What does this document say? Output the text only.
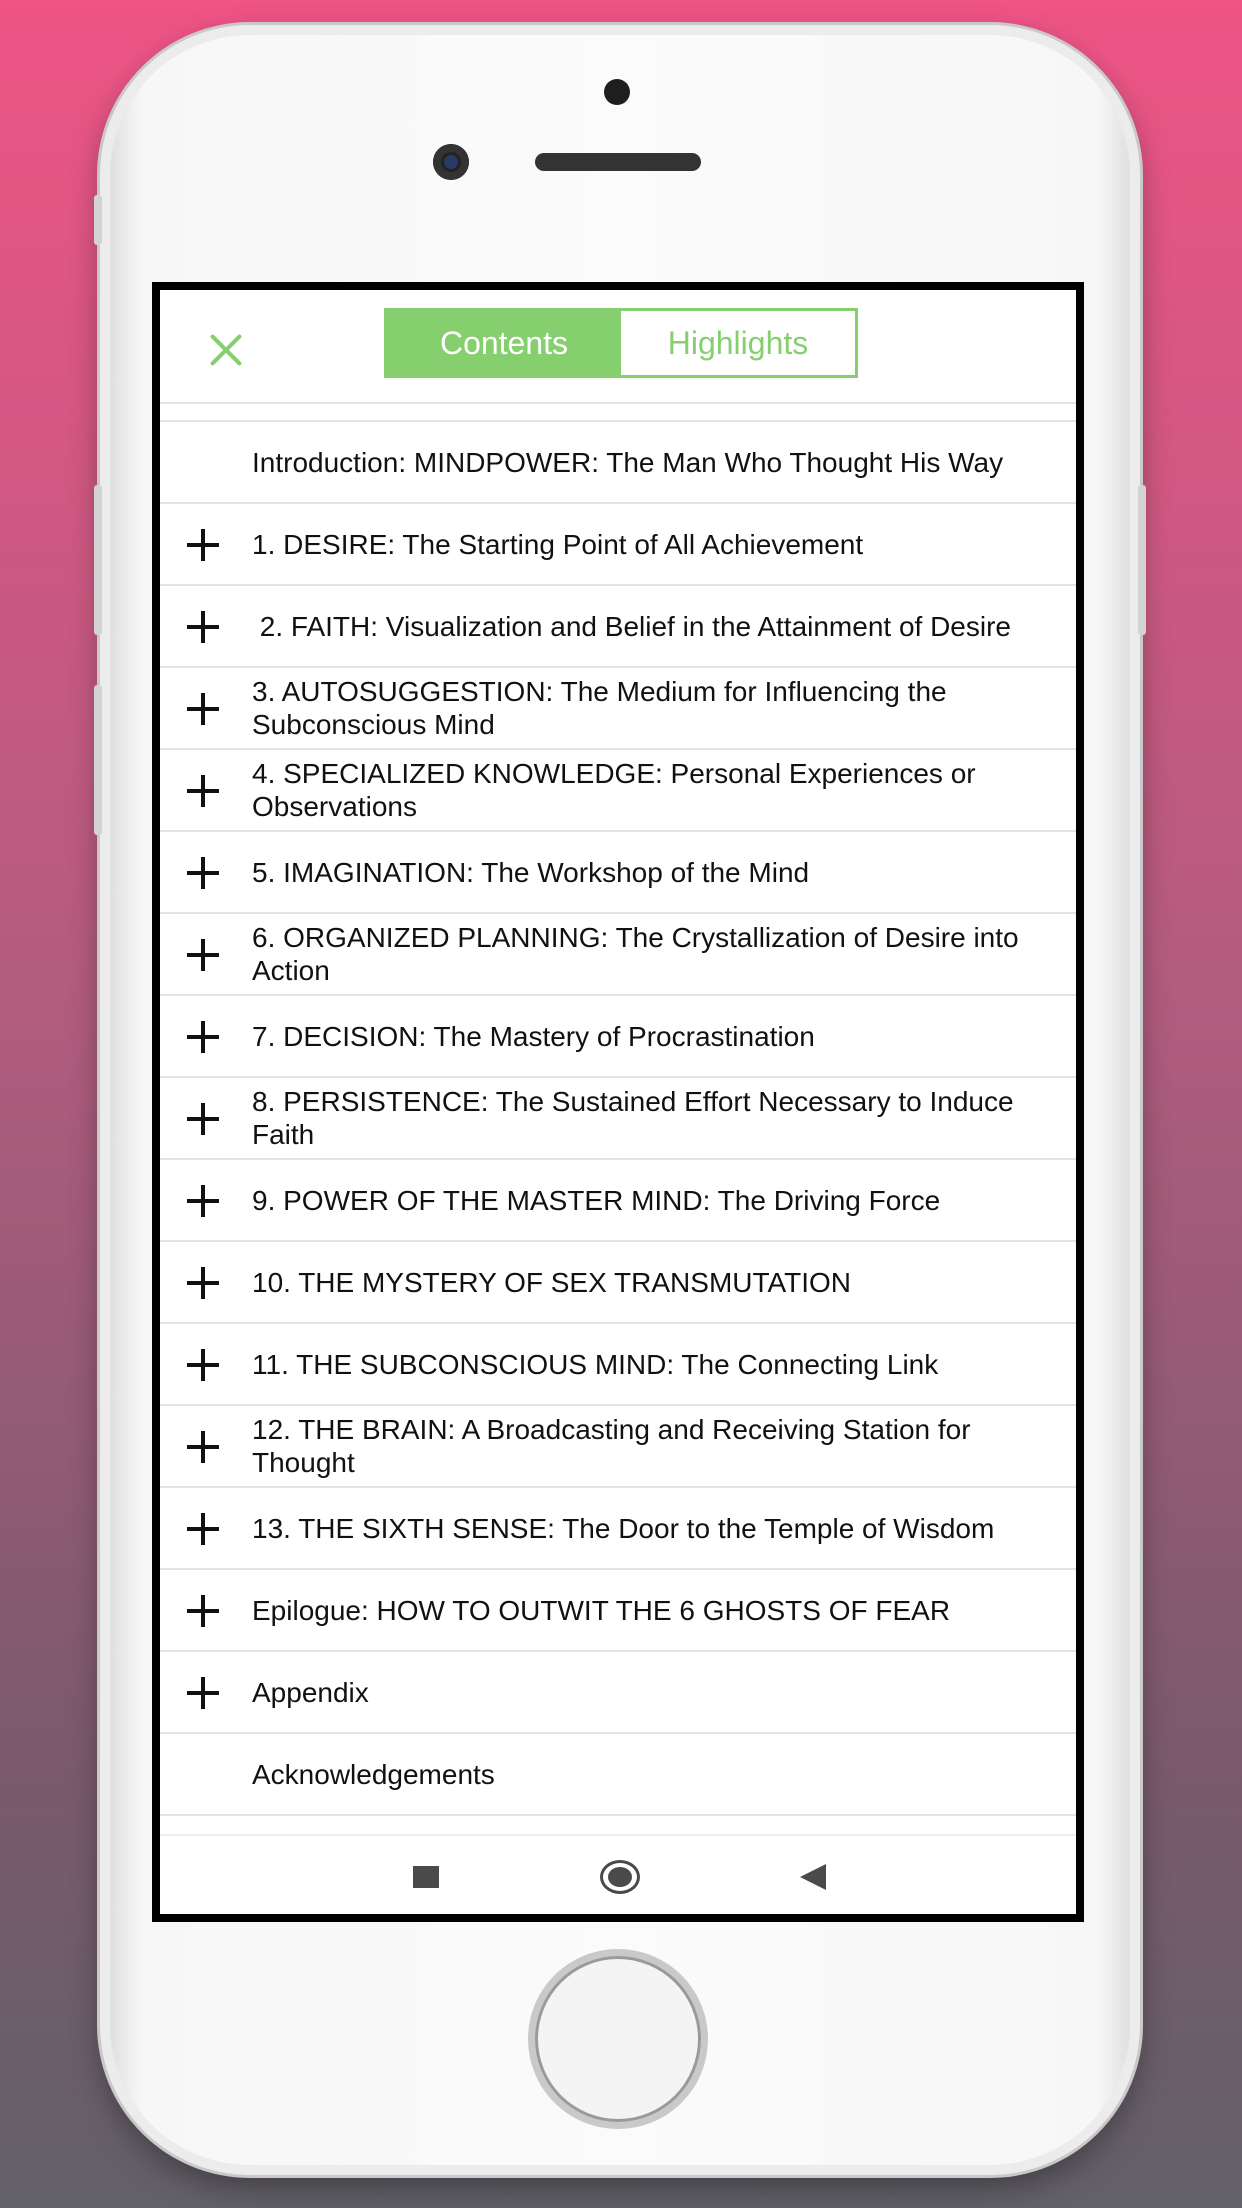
Contents	Highlights
Introduction: MINDPOWER: The Man Who Thought His Way
1. DESIRE: The Starting Point of All Achievement
2. FAITH: Visualization and Belief in the Attainment of Desire
3. AUTOSUGGESTION: The Medium for Influencing the Subconscious Mind
4. SPECIALIZED KNOWLEDGE: Personal Experiences or Observations
5. IMAGINATION: The Workshop of the Mind
6. ORGANIZED PLANNING: The Crystallization of Desire into Action
7. DECISION: The Mastery of Procrastination
8. PERSISTENCE: The Sustained Effort Necessary to Induce Faith
9. POWER OF THE MASTER MIND: The Driving Force
10. THE MYSTERY OF SEX TRANSMUTATION
11. THE SUBCONSCIOUS MIND: The Connecting Link
12. THE BRAIN: A Broadcasting and Receiving Station for Thought
13. THE SIXTH SENSE: The Door to the Temple of Wisdom
Epilogue: HOW TO OUTWIT THE 6 GHOSTS OF FEAR
Appendix
Acknowledgements
